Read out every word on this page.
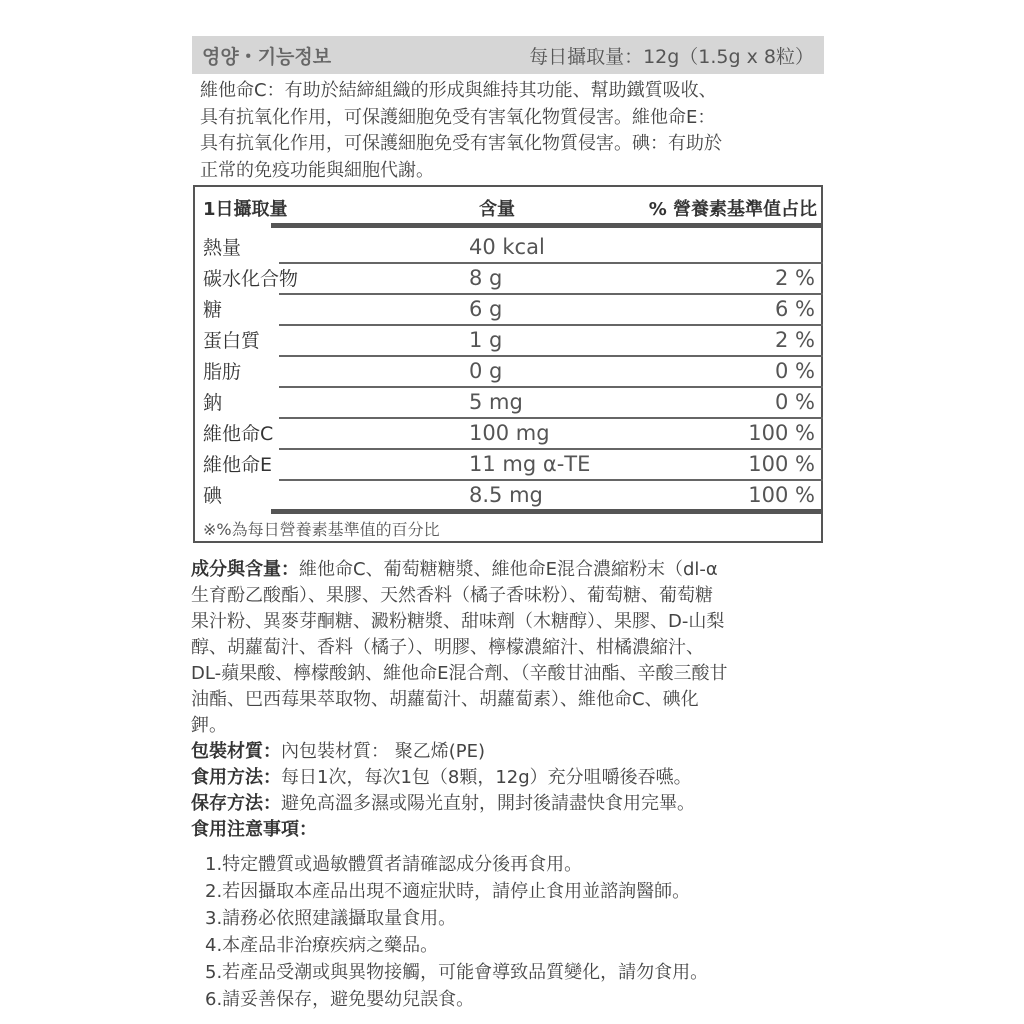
영양・기능정보	每日攝取量：12g（1.5g x 8粒）
維他命C：有助於結締組織的形成與維持其功能、幫助鐵質吸收、
具有抗氧化作用，可保護細胞免受有害氧化物質侵害。維他命E：
具有抗氧化作用，可保護細胞免受有害氧化物質侵害。碘：有助於
正常的免疫功能與細胞代謝。
1日攝取量	含量	% 營養素基準值占比
熱量	40 kcal
碳水化合物	8 g	2 %
糖	6 g	6 %
蛋白質	1 g	2 %
脂肪	0 g	0 %
鈉	5 mg	0 %
維他命C	100 mg	100 %
維他命E	11 mg α-TE	100 %
碘	8.5 mg	100 %
※%為每日營養素基準值的百分比

成分與含量：維他命C、葡萄糖糖漿、維他命E混合濃縮粉末（dl-α

生育酚乙酸酯）、果膠、天然香料（橘子香味粉）、葡萄糖、葡萄糖

果汁粉、異麥芽酮糖、澱粉糖漿、甜味劑（木糖醇）、果膠、D-山梨

醇、胡蘿蔔汁、香料（橘子）、明膠、檸檬濃縮汁、柑橘濃縮汁、

DL-蘋果酸、檸檬酸鈉、維他命E混合劑、（辛酸甘油酯、辛酸三酸甘

油酯、巴西莓果萃取物、胡蘿蔔汁、胡蘿蔔素）、維他命C、碘化

鉀。

包裝材質：內包裝材質： 聚乙烯(PE)

食用方法：每日1次，每次1包（8顆，12g）充分咀嚼後吞嚥。

保存方法：避免高溫多濕或陽光直射，開封後請盡快食用完畢。

食用注意事項：

1.特定體質或過敏體質者請確認成分後再食用。
2.若因攝取本產品出現不適症狀時，請停止食用並諮詢醫師。
3.請務必依照建議攝取量食用。
4.本產品非治療疾病之藥品。
5.若產品受潮或與異物接觸，可能會導致品質變化，請勿食用。
6.請妥善保存，避免嬰幼兒誤食。
